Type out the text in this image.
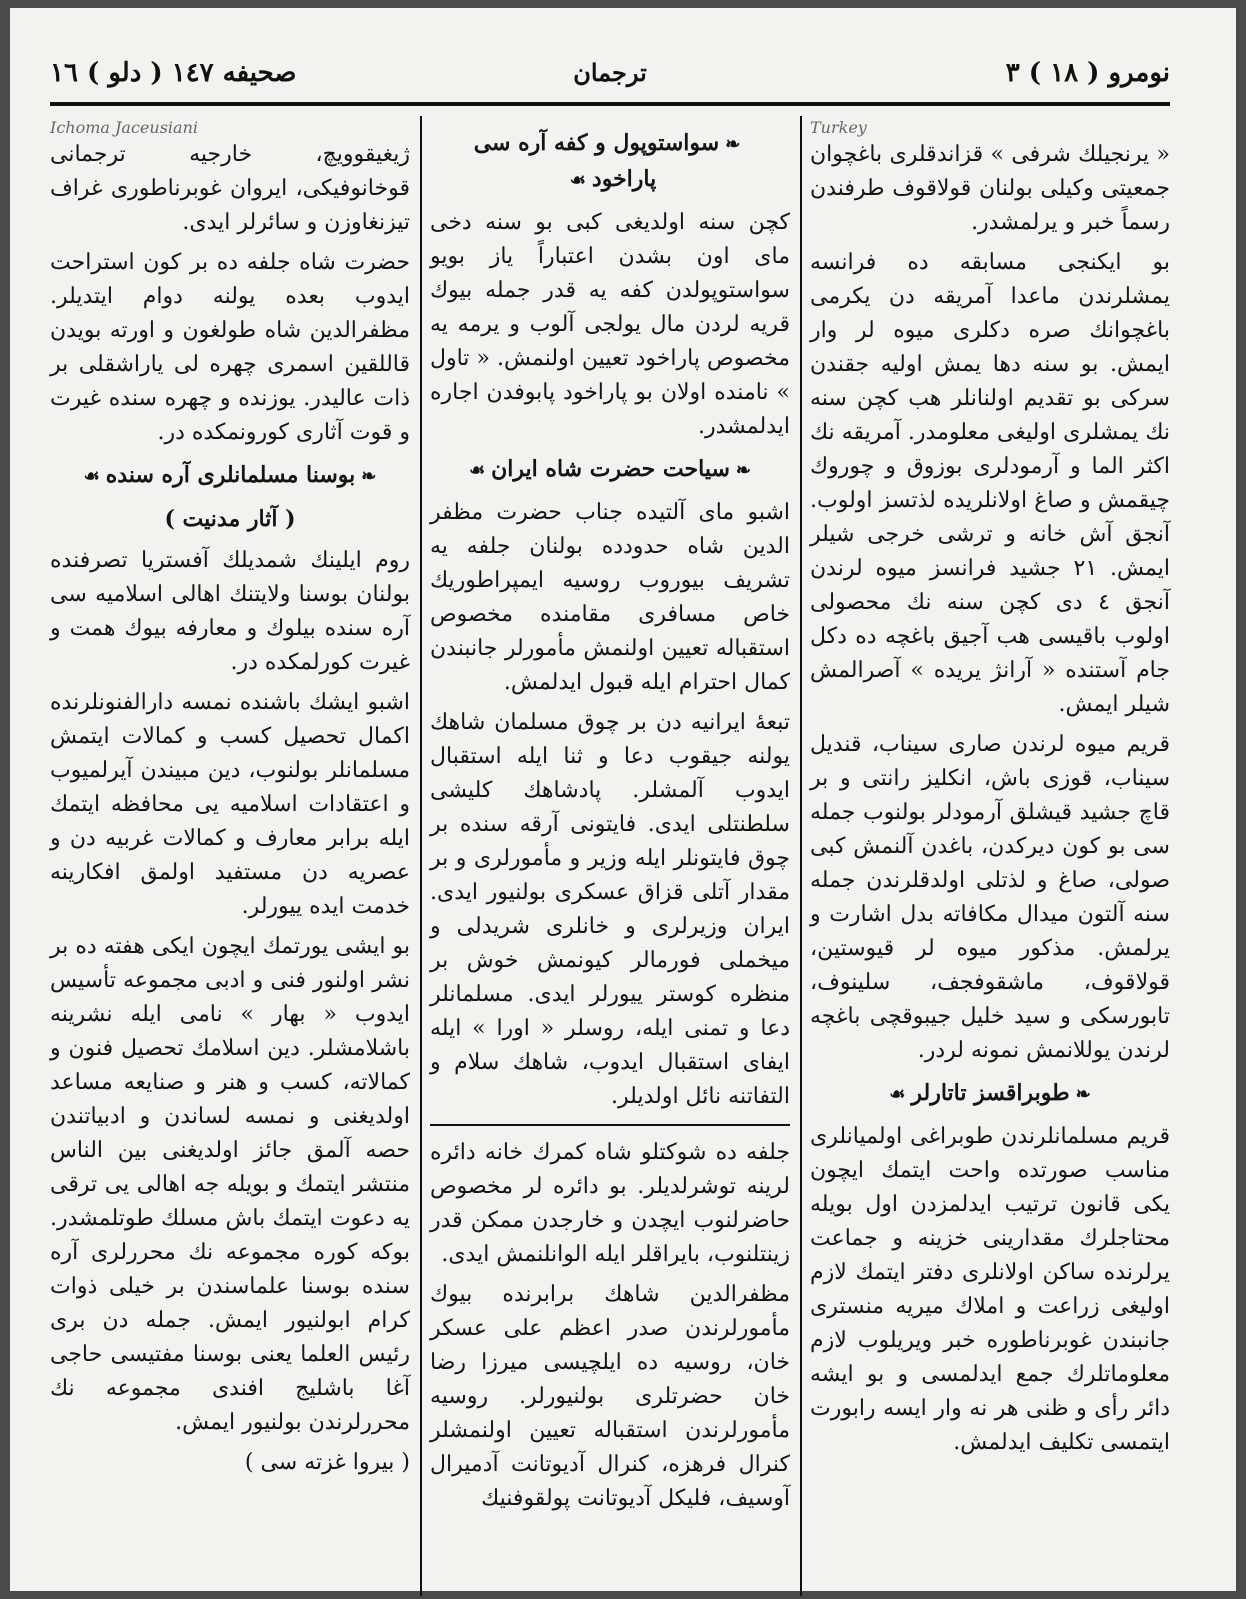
نومرو ( ١٨ ) ٣
ترجمان
صحيفه ١٤٧ ( دلو ) ١٦
Turkey

« يرنجيلك شرفى » قزاندقلرى باغچوان جمعيتى وكيلى بولنان قولاقوف طرفندن رسماً خبر و يرلمشدر.

بو ايكنجى مسابقه ده فرانسه يمشلرندن ماعدا آمريقه دن يكرمى باغچوانك صره دكلرى ميوه لر وار ايمش. بو سنه دها يمش اوليه جقندن سركى بو تقديم اولنانلر هب كچن سنه نك يمشلرى اوليغى معلومدر. آمريقه نك اكثر الما و آرمودلرى بوزوق و چوروك چيقمش و صاغ اولانلريده لذتسز اولوب. آنجق آش خانه و ترشى خرجى شيلر ايمش. ٢١ جشيد فرانسز ميوه لرندن آنجق ٤ دى كچن سنه نك محصولى اولوب باقيسى هب آجيق باغچه ده دكل جام آستنده « آرانژ يريده » آصرالمش شيلر ايمش.

قريم ميوه لرندن صارى سيناب، قنديل سيناب، قوزى باش، انكليز رانتى و بر قاچ جشيد قيشلق آرمودلر بولنوب جمله سى بو كون ديركدن، باغدن آلنمش كبى صولى، صاغ و لذتلى اولدقلرندن جمله سنه آلتون ميدال مكافاته بدل اشارت و يرلمش. مذكور ميوه لر قيوستين، قولاقوف، ماشقوفجف، سلينوف، تابورسكى و سيد خليل جيبوقچى باغچه لرندن يوللانمش نمونه لردر.

❧طوبراقسز تاتارلر☙

قريم مسلمانلرندن طوبراغى اولميانلرى مناسب صورتده واحت ايتمك ايچون يكى قانون ترتيب ايدلمزدن اول بويله محتاجلرك مقدارينى خزينه و جماعت يرلرنده ساكن اولانلرى دفتر ايتمك لازم اوليغى زراعت و املاك ميريه منسترى جانبندن غوبرناطوره خبر ويريلوب لازم معلوماتلرك جمع ايدلمسى و بو ايشه دائر رأى و ظنى هر نه وار ايسه رابورت ايتمسى تكليف ايدلمش.

❧سواستوپول و كفه آره سى پاراخود☙

كچن سنه اولديغى كبى بو سنه دخى ماى اون بشدن اعتباراً ياز بويو سواستوپولدن كفه يه قدر جمله بيوك قريه لردن مال يولجى آلوب و يرمه يه مخصوص پاراخود تعيين اولنمش. « تاول » نامنده اولان بو پاراخود پابوفدن اجاره ايدلمشدر.

❧سياحت حضرت شاه ايران☙

اشبو ماى آلتيده جناب حضرت مظفر الدين شاه حدودده بولنان جلفه يه تشريف بيوروب روسيه ايمپراطوريك خاص مسافرى مقامنده مخصوص استقباله تعيين اولنمش مأمورلر جانبندن كمال احترام ايله قبول ايدلمش.

تبعهٔ ايرانيه دن بر چوق مسلمان شاهك يولنه جيقوب دعا و ثنا ايله استقبال ايدوب آلمشلر. پادشاهك كليشى سلطنتلى ايدى. فايتونى آرقه سنده بر چوق فايتونلر ايله وزير و مأمورلرى و بر مقدار آتلى قزاق عسكرى بولنيور ايدى. ايران وزيرلرى و خانلرى شريدلى و ميخملى فورمالر كيونمش خوش بر منظره كوستر ييورلر ايدى. مسلمانلر دعا و تمنى ايله، روسلر « اورا » ايله ايفاى استقبال ايدوب، شاهك سلام و التفاتنه نائل اولديلر.

جلفه ده شوكتلو شاه كمرك خانه دائره لرينه توشرلديلر. بو دائره لر مخصوص حاضرلنوب ايچدن و خارجدن ممكن قدر زينتلنوب، بايراقلر ايله الوانلنمش ايدى.

مظفرالدين شاهك برابرنده بيوك مأمورلرندن صدر اعظم على عسكر خان، روسيه ده ايلچيسى ميرزا رضا خان حضرتلرى بولنيورلر. روسيه مأمورلرندن استقباله تعيين اولنمشلر كنرال فرهزه، كنرال آديوتانت آدميرال آوسيف، فليكل آديوتانت پولقوفنيك

Ichoma Jaceusiani

ژيغيقوويچ، خارجيه ترجمانى قوخانوفيكى، ايروان غوبرناطورى غراف تيزنغاوزن و سائرلر ايدى.

حضرت شاه جلفه ده بر كون استراحت ايدوب بعده يولنه دوام ايتديلر. مظفرالدين شاه طولغون و اورته بويدن قاللقين اسمرى چهره لى ياراشقلى بر ذات عاليدر. يوزنده و چهره سنده غيرت و قوت آثارى كورونمكده در.

❧بوسنا مسلمانلرى آره سنده☙
( آثار مدنيت )

روم ايلينك شمديلك آفستريا تصرفنده بولنان بوسنا ولايتنك اهالى اسلاميه سى آره سنده بيلوك و معارفه بيوك همت و غيرت كورلمكده در.

اشبو ايشك باشنده نمسه دارالفنونلرنده اكمال تحصيل كسب و كمالات ايتمش مسلمانلر بولنوب، دين مبيندن آيرلميوب و اعتقادات اسلاميه يى محافظه ايتمك ايله برابر معارف و كمالات غربيه دن و عصريه دن مستفيد اولمق افكارينه خدمت ايده ييورلر.

بو ايشى يورتمك ايچون ايكى هفته ده بر نشر اولنور فنى و ادبى مجموعه تأسيس ايدوب « بهار » نامى ايله نشرينه باشلامشلر. دين اسلامك تحصيل فنون و كمالاته، كسب و هنر و صنايعه مساعد اولديغنى و نمسه لساندن و ادبياتندن حصه آلمق جائز اولديغنى بين الناس منتشر ايتمك و بويله جه اهالى يى ترقى يه دعوت ايتمك باش مسلك طوتلمشدر. بوكه كوره مجموعه نك محررلرى آره سنده بوسنا علماسندن بر خيلى ذوات كرام ابولنيور ايمش. جمله دن برى رئيس العلما يعنى بوسنا مفتيسى حاجى آغا باشليج افندى مجموعه نك محررلرندن بولنيور ايمش.

( بيروا غزته سى )
